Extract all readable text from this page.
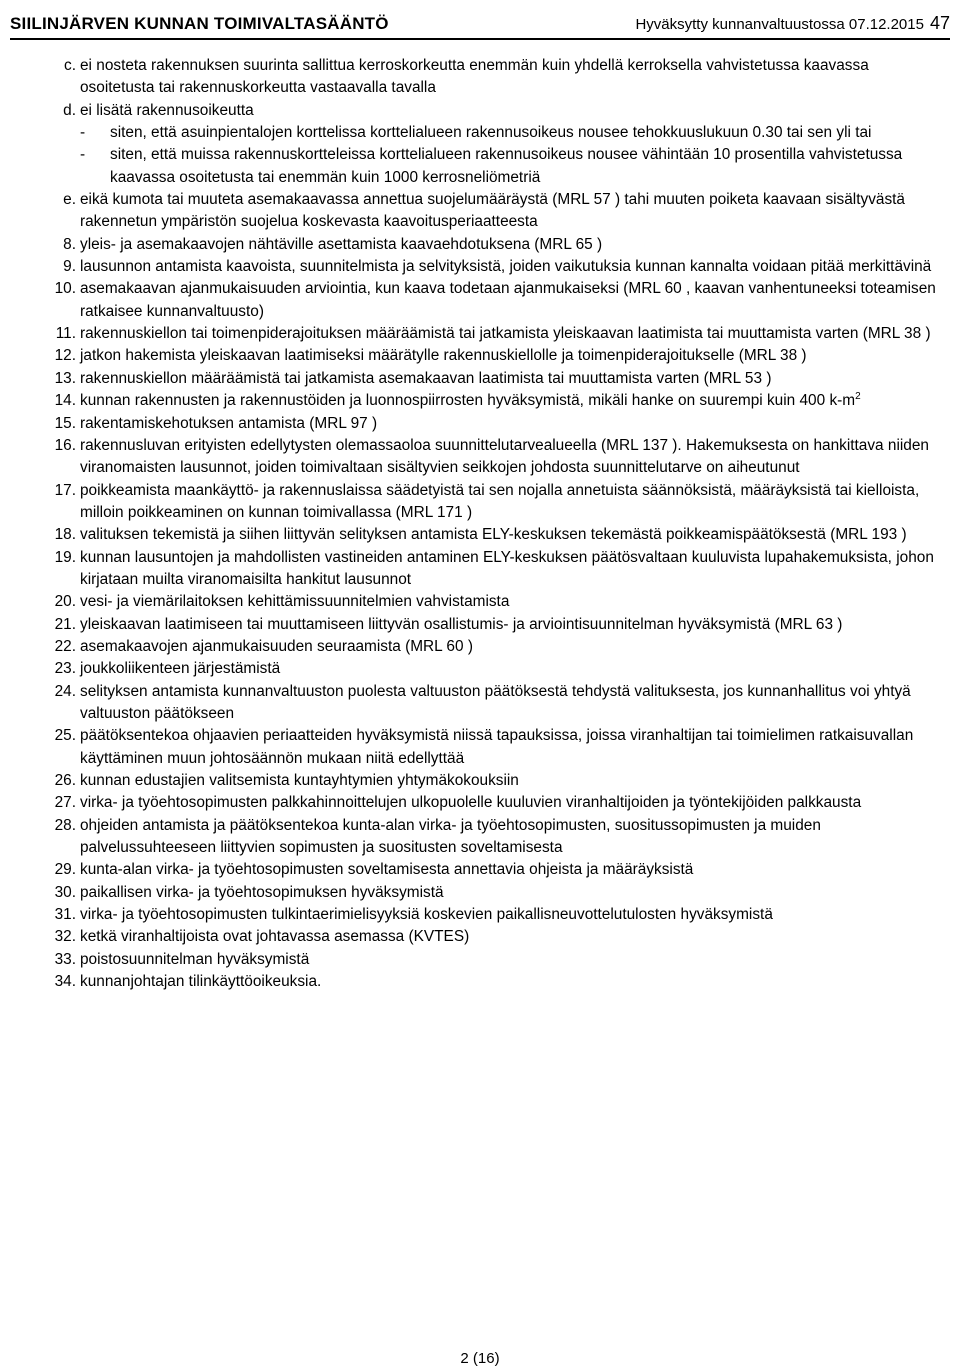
SIILINJÄRVEN KUNNAN TOIMIVALTASÄÄNTÖ	Hyväksytty kunnanvaltuustossa 07.12.2015 47
c. ei nosteta rakennuksen suurinta sallittua kerroskorkeutta enemmän kuin yhdellä kerroksella vahvistetussa kaavassa osoitetusta tai rakennuskorkeutta vastaavalla tavalla
d. ei lisätä rakennusoikeutta
- siten, että asuinpientalojen korttelissa korttelialueen rakennusoikeus nousee tehokkuuslukuun 0.30 tai sen yli tai
- siten, että muissa rakennuskortteleissa korttelialueen rakennusoikeus nousee vähintään 10 prosentilla vahvistetussa kaavassa osoitetusta tai enemmän kuin 1000 kerrosneliömetriä
e. eikä kumota tai muuteta asemakaavassa annettua suojelumääräystä (MRL 57 ) tahi muuten poiketa kaavaan sisältyvästä rakennetun ympäristön suojelua koskevasta kaavoitusperiaatteesta
8. yleis- ja asemakaavojen nähtäville asettamista kaavaehdotuksena (MRL 65 )
9. lausunnon antamista kaavoista, suunnitelmista ja selvityksistä, joiden vaikutuksia kunnan kannalta voidaan pitää merkittävinä
10. asemakaavan ajanmukaisuuden arviointia, kun kaava todetaan ajanmukaiseksi (MRL 60 , kaavan vanhentuneeksi toteamisen ratkaisee kunnanvaltuusto)
11. rakennuskiellon tai toimenpiderajoituksen määräämistä tai jatkamista yleiskaavan laatimista tai muuttamista varten (MRL 38 )
12. jatkon hakemista yleiskaavan laatimiseksi määrätylle rakennuskiellolle ja toimenpiderajoitukselle (MRL 38 )
13. rakennuskiellon määräämistä tai jatkamista asemakaavan laatimista tai muuttamista varten (MRL 53 )
14. kunnan rakennusten ja rakennustöiden ja luonnospiirrosten hyväksymistä, mikäli hanke on suurempi kuin 400 $k-m^2$
15. rakentamiskehotuksen antamista (MRL 97 )
16. rakennusluvan erityisten edellytysten olemassaoloa suunnittelutarvealueella (MRL 137 ). Hakemuksesta on hankittava niiden viranomaisten lausunnot, joiden toimivaltaan sisältyvien seikkojen johdosta suunnittelutarve on aiheutunut
17. poikkeamista maankäyttö- ja rakennuslaissa säädetyistä tai sen nojalla annetuista säännöksistä, määräyksistä tai kielloista, milloin poikkeaminen on kunnan toimivallassa (MRL 171 )
18. valituksen tekemistä ja siihen liittyvän selityksen antamista ELY-keskuksen tekemästä poikkeamispäätöksestä (MRL 193 )
19. kunnan lausuntojen ja mahdollisten vastineiden antaminen ELY-keskuksen päätösvaltaan kuuluvista lupahakemuksista, johon kirjataan muilta viranomaisilta hankitut lausunnot
20. vesi- ja viemärilaitoksen kehittämissuunnitelmien vahvistamista
21. yleiskaavan laatimiseen tai muuttamiseen liittyvän osallistumis- ja arviointisuunnitelman hyväksymistä (MRL 63 )
22. asemakaavojen ajanmukaisuuden seuraamista (MRL 60 )
23. joukkoliikenteen järjestämistä
24. selityksen antamista kunnanvaltuuston puolesta valtuuston päätöksestä tehdystä valituksesta, jos kunnanhallitus voi yhtyä valtuuston päätökseen
25. päätöksentekoa ohjaavien periaatteiden hyväksymistä niissä tapauksissa, joissa viranhaltijan tai toimielimen ratkaisuvallan käyttäminen muun johtosäännön mukaan niitä edellyttää
26. kunnan edustajien valitsemista kuntayhtymien yhtymäkokouksiin
27. virka- ja työehtosopimusten palkkahinnoittelujen ulkopuolelle kuuluvien viranhaltijoiden ja työntekijöiden palkkausta
28. ohjeiden antamista ja päätöksentekoa kunta-alan virka- ja työehtosopimusten, suositussopimusten ja muiden palvelussuhteeseen liittyvien sopimusten ja suositusten soveltamisesta
29. kunta-alan virka- ja työehtosopimusten soveltamisesta annettavia ohjeista ja määräyksistä
30. paikallisen virka- ja työehtosopimuksen hyväksymistä
31. virka- ja työehtosopimusten tulkintaerimielisyyksiä koskevien paikallisneuvottelutulosten hyväksymistä
32. ketkä viranhaltijoista ovat johtavassa asemassa (KVTES)
33. poistosuunnitelman hyväksymistä
34. kunnanjohtajan tilinkäyttöoikeuksia.
2 (16)
